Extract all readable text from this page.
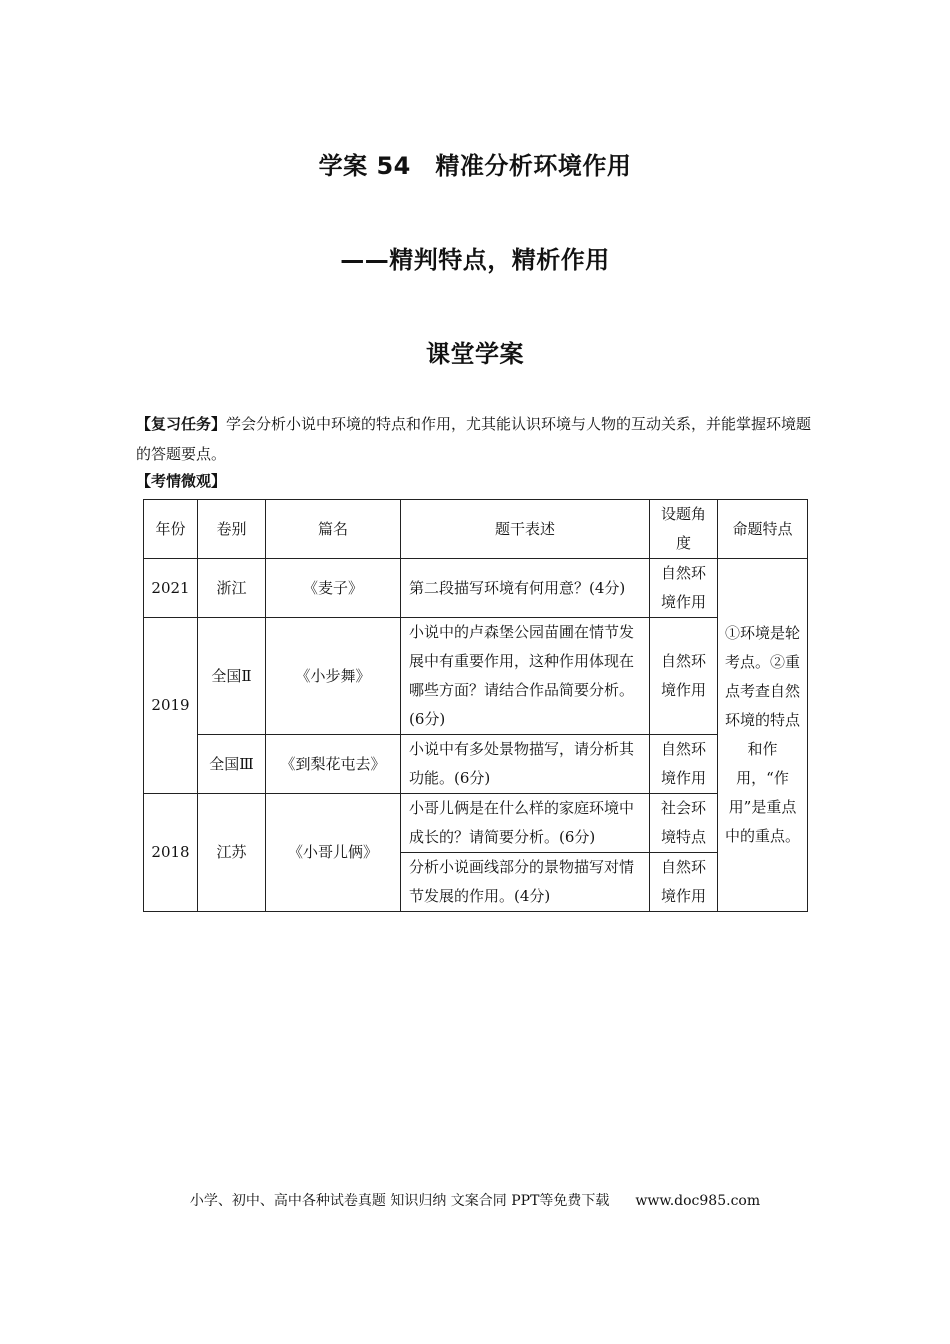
学案 54　精准分析环境作用
——精判特点，精析作用
课堂学案
【复习任务】学会分析小说中环境的特点和作用，尤其能认识环境与人物的互动关系，并能掌握环境题的答题要点。
【考情微观】
年份	卷别	篇名	题干表述	设题角度	命题特点
2021	浙江	《麦子》	第二段描写环境有何用意？(4分)	自然环境作用	①环境是轮考点。②重点考查自然环境的特点和作用，“作用”是重点中的重点。
2019	全国Ⅱ	《小步舞》	小说中的卢森堡公园苗圃在情节发展中有重要作用，这种作用体现在哪些方面？请结合作品简要分析。(6分)	自然环境作用	
	全国Ⅲ	《到梨花屯去》	小说中有多处景物描写，请分析其功能。(6分)	自然环境作用	
2018	江苏	《小哥儿俩》	小哥儿俩是在什么样的家庭环境中成长的？请简要分析。(6分)	社会环境特点	
			分析小说画线部分的景物描写对情节发展的作用。(4分)	自然环境作用	
小学、初中、高中各种试卷真题 知识归纳 文案合同 PPT等免费下载 www.doc985.com
